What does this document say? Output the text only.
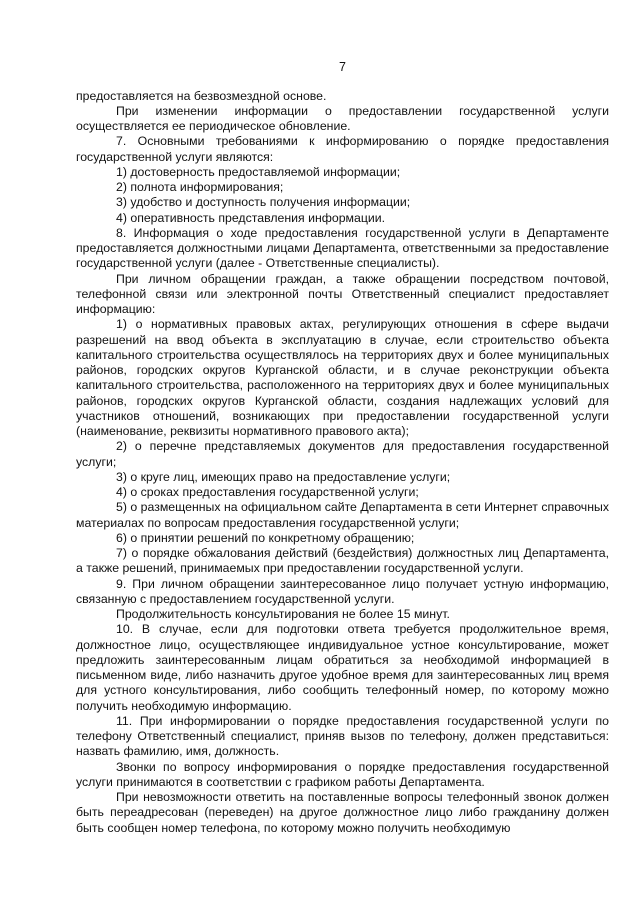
7

предоставляется на безвозмездной основе.

При изменении информации о предоставлении государственной услуги осуществляется ее периодическое обновление.

7. Основными требованиями к информированию о порядке предоставления государственной услуги являются:

1) достоверность предоставляемой информации;

2) полнота информирования;

3) удобство и доступность получения информации;

4) оперативность представления информации.

8. Информация о ходе предоставления государственной услуги в Департаменте предоставляется должностными лицами Департамента, ответственными за предоставление государственной услуги (далее - Ответственные специалисты).

При личном обращении граждан, а также обращении посредством почтовой, телефонной связи или электронной почты Ответственный специалист предоставляет информацию:

1) о нормативных правовых актах, регулирующих отношения в сфере выдачи разрешений на ввод объекта в эксплуатацию в случае, если строительство объекта капитального строительства осуществлялось на территориях двух и более муниципальных районов, городских округов Курганской области, и в случае реконструкции объекта капитального строительства, расположенного на территориях двух и более муниципальных районов, городских округов Курганской области, создания надлежащих условий для участников отношений, возникающих при предоставлении государственной услуги (наименование, реквизиты нормативного правового акта);

2) о перечне представляемых документов для предоставления государственной услуги;

3) о круге лиц, имеющих право на предоставление услуги;

4) о сроках предоставления государственной услуги;

5) о размещенных на официальном сайте Департамента в сети Интернет справочных материалах по вопросам предоставления государственной услуги;

6) о принятии решений по конкретному обращению;

7) о порядке обжалования действий (бездействия) должностных лиц Департамента, а также решений, принимаемых при предоставлении государственной услуги.

9. При личном обращении заинтересованное лицо получает устную информацию, связанную с предоставлением государственной услуги.

Продолжительность консультирования не более 15 минут.

10. В случае, если для подготовки ответа требуется продолжительное время, должностное лицо, осуществляющее индивидуальное устное консультирование, может предложить заинтересованным лицам обратиться за необходимой информацией в письменном виде, либо назначить другое удобное время для заинтересованных лиц время для устного консультирования, либо сообщить телефонный номер, по которому можно получить необходимую информацию.

11. При информировании о порядке предоставления государственной услуги по телефону Ответственный специалист, приняв вызов по телефону, должен представиться: назвать фамилию, имя, должность.

Звонки по вопросу информирования о порядке предоставления государственной услуги принимаются в соответствии с графиком работы Департамента.

При невозможности ответить на поставленные вопросы телефонный звонок должен быть переадресован (переведен) на другое должностное лицо либо гражданину должен быть сообщен номер телефона, по которому можно получить необходимую
